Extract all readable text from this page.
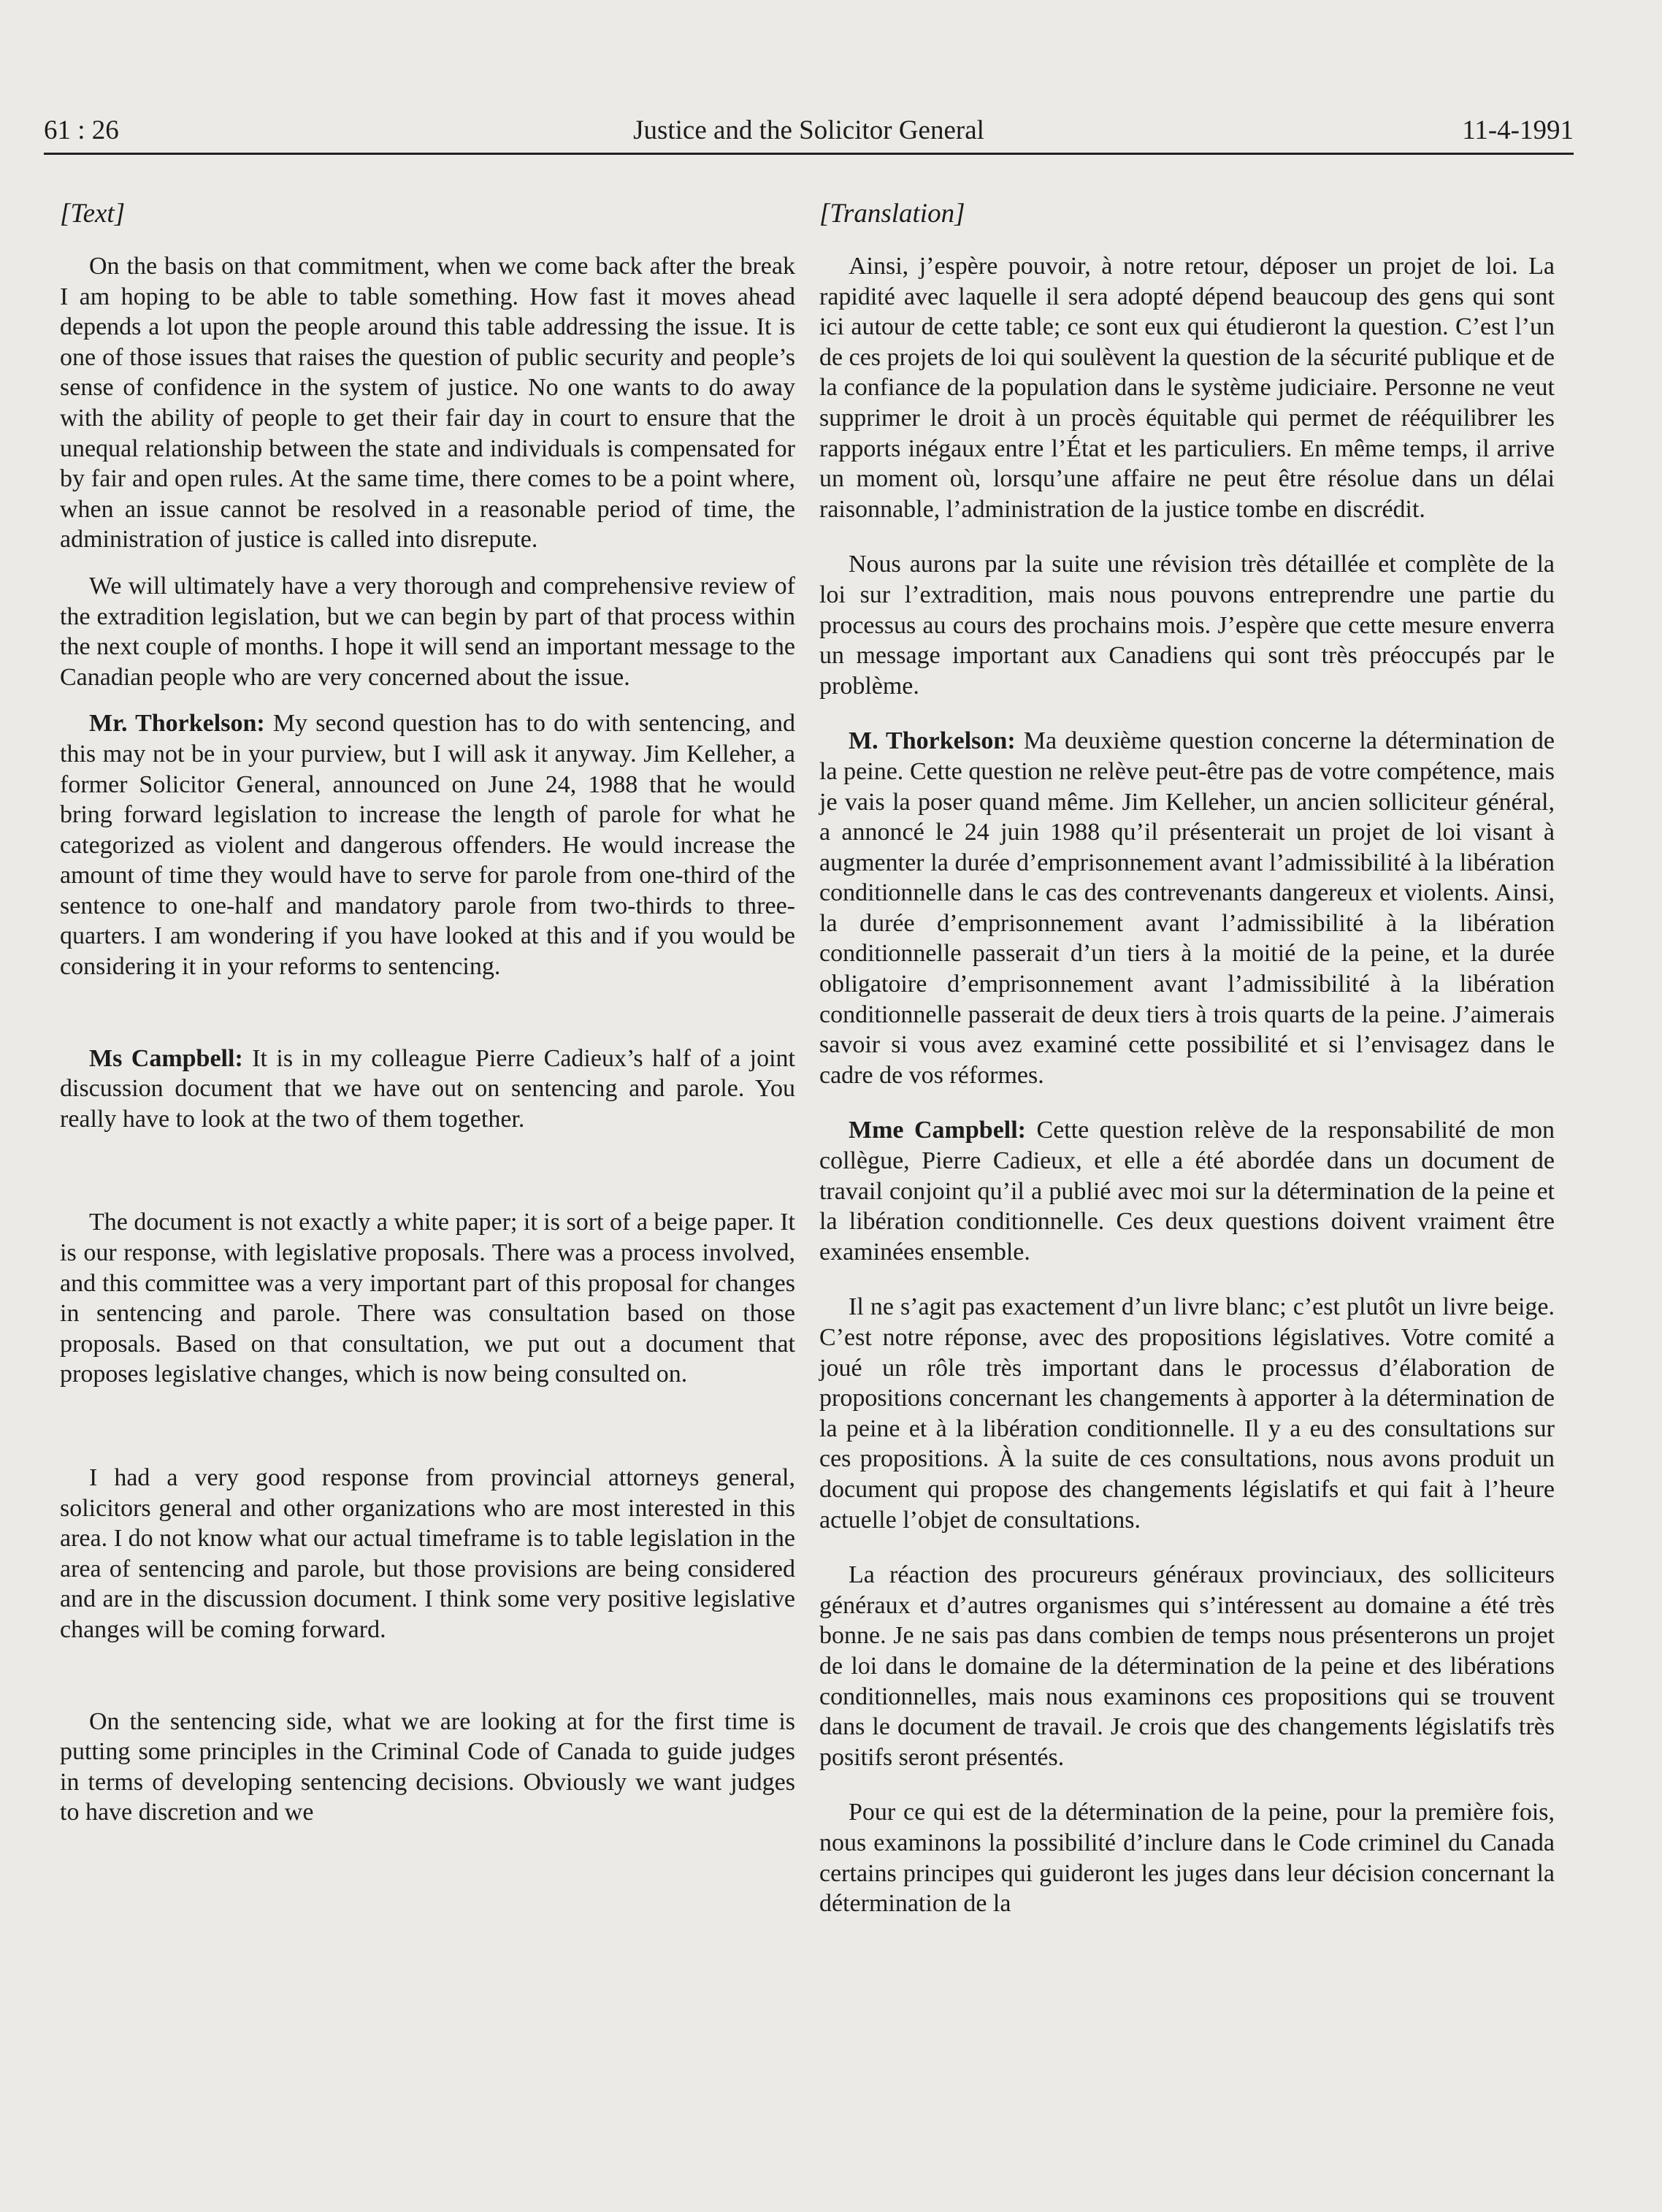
Justice and the Solicitor General
61 : 26	11-4-1991

[Text]

On the basis on that commitment, when we come back after the break I am hoping to be able to table something. How fast it moves ahead depends a lot upon the people around this table addressing the issue. It is one of those issues that raises the question of public security and people’s sense of confidence in the system of justice. No one wants to do away with the ability of people to get their fair day in court to ensure that the unequal relationship between the state and individuals is compensated for by fair and open rules. At the same time, there comes to be a point where, when an issue cannot be resolved in a reasonable period of time, the administration of justice is called into disrepute.

We will ultimately have a very thorough and comprehensive review of the extradition legislation, but we can begin by part of that process within the next couple of months. I hope it will send an important message to the Canadian people who are very concerned about the issue.

Mr. Thorkelson: My second question has to do with sentencing, and this may not be in your purview, but I will ask it anyway. Jim Kelleher, a former Solicitor General, announced on June 24, 1988 that he would bring forward legislation to increase the length of parole for what he categorized as violent and dangerous offenders. He would increase the amount of time they would have to serve for parole from one-third of the sentence to one-half and mandatory parole from two-thirds to three-quarters. I am wondering if you have looked at this and if you would be considering it in your reforms to sentencing.

Ms Campbell: It is in my colleague Pierre Cadieux’s half of a joint discussion document that we have out on sentencing and parole. You really have to look at the two of them together.

The document is not exactly a white paper; it is sort of a beige paper. It is our response, with legislative proposals. There was a process involved, and this committee was a very important part of this proposal for changes in sentencing and parole. There was consultation based on those proposals. Based on that consultation, we put out a document that proposes legislative changes, which is now being consulted on.

I had a very good response from provincial attorneys general, solicitors general and other organizations who are most interested in this area. I do not know what our actual timeframe is to table legislation in the area of sentencing and parole, but those provisions are being considered and are in the discussion document. I think some very positive legislative changes will be coming forward.

On the sentencing side, what we are looking at for the first time is putting some principles in the Criminal Code of Canada to guide judges in terms of developing sentencing decisions. Obviously we want judges to have discretion and we

[Translation]

Ainsi, j’espère pouvoir, à notre retour, déposer un projet de loi. La rapidité avec laquelle il sera adopté dépend beaucoup des gens qui sont ici autour de cette table; ce sont eux qui étudieront la question. C’est l’un de ces projets de loi qui soulèvent la question de la sécurité publique et de la confiance de la population dans le système judiciaire. Personne ne veut supprimer le droit à un procès équitable qui permet de rééquilibrer les rapports inégaux entre l’État et les particuliers. En même temps, il arrive un moment où, lorsqu’une affaire ne peut être résolue dans un délai raisonnable, l’administration de la justice tombe en discrédit.

Nous aurons par la suite une révision très détaillée et complète de la loi sur l’extradition, mais nous pouvons entreprendre une partie du processus au cours des prochains mois. J’espère que cette mesure enverra un message important aux Canadiens qui sont très préoccupés par le problème.

M. Thorkelson: Ma deuxième question concerne la détermination de la peine. Cette question ne relève peut-être pas de votre compétence, mais je vais la poser quand même. Jim Kelleher, un ancien solliciteur général, a annoncé le 24 juin 1988 qu’il présenterait un projet de loi visant à augmenter la durée d’emprisonnement avant l’admissibilité à la libération conditionnelle dans le cas des contrevenants dangereux et violents. Ainsi, la durée d’emprisonnement avant l’admissibilité à la libération conditionnelle passerait d’un tiers à la moitié de la peine, et la durée obligatoire d’emprisonnement avant l’admissibilité à la libération conditionnelle passerait de deux tiers à trois quarts de la peine. J’aimerais savoir si vous avez examiné cette possibilité et si l’envisagez dans le cadre de vos réformes.

Mme Campbell: Cette question relève de la responsabilité de mon collègue, Pierre Cadieux, et elle a été abordée dans un document de travail conjoint qu’il a publié avec moi sur la détermination de la peine et la libération conditionnelle. Ces deux questions doivent vraiment être examinées ensemble.

Il ne s’agit pas exactement d’un livre blanc; c’est plutôt un livre beige. C’est notre réponse, avec des propositions législatives. Votre comité a joué un rôle très important dans le processus d’élaboration de propositions concernant les changements à apporter à la détermination de la peine et à la libération conditionnelle. Il y a eu des consultations sur ces propositions. À la suite de ces consultations, nous avons produit un document qui propose des changements législatifs et qui fait à l’heure actuelle l’objet de consultations.

La réaction des procureurs généraux provinciaux, des solliciteurs généraux et d’autres organismes qui s’intéressent au domaine a été très bonne. Je ne sais pas dans combien de temps nous présenterons un projet de loi dans le domaine de la détermination de la peine et des libérations conditionnelles, mais nous examinons ces propositions qui se trouvent dans le document de travail. Je crois que des changements législatifs très positifs seront présentés.

Pour ce qui est de la détermination de la peine, pour la première fois, nous examinons la possibilité d’inclure dans le Code criminel du Canada certains principes qui guideront les juges dans leur décision concernant la détermination de la
